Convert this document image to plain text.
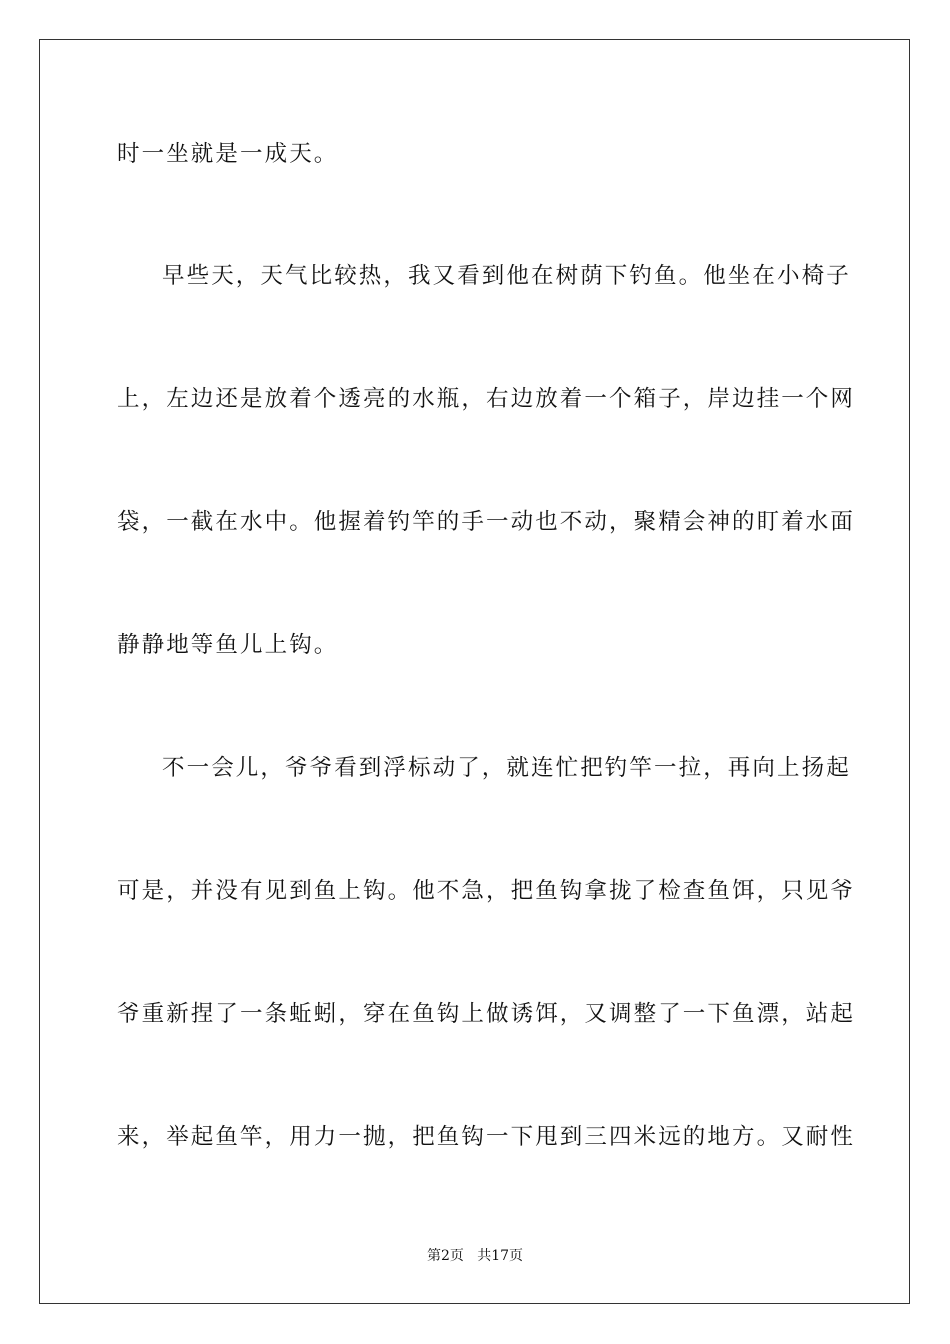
时一坐就是一成天。
早些天，天气比较热，我又看到他在树荫下钓鱼。他坐在小椅子
上，左边还是放着个透亮的水瓶，右边放着一个箱子，岸边挂一个网
袋，一截在水中。他握着钓竿的手一动也不动，聚精会神的盯着水面
静静地等鱼儿上钩。
不一会儿，爷爷看到浮标动了，就连忙把钓竿一拉，再向上扬起
可是，并没有见到鱼上钩。他不急，把鱼钩拿拢了检查鱼饵，只见爷
爷重新捏了一条蚯蚓，穿在鱼钩上做诱饵，又调整了一下鱼漂，站起
来，举起鱼竿，用力一抛，把鱼钩一下甩到三四米远的地方。又耐性
第2页   共17页
